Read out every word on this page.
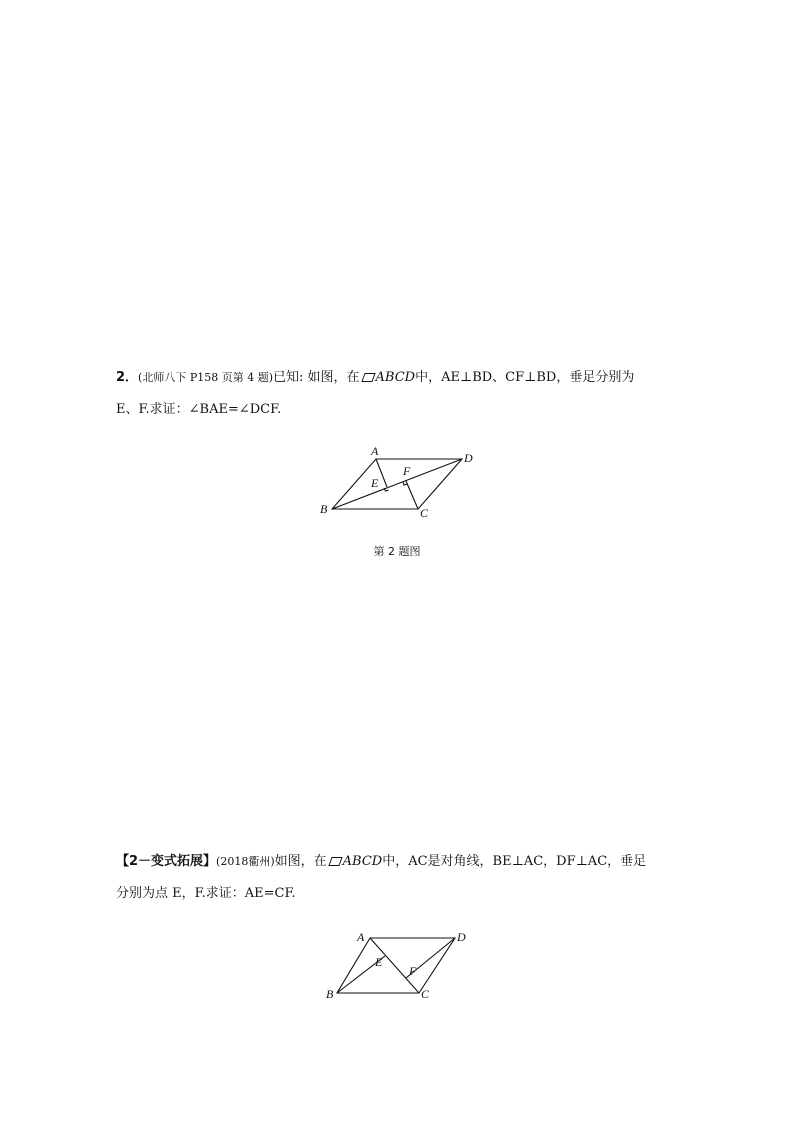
2．(北师八下 P158 页第 4 题)已知: 如图，在 ABCD中，AE⊥BD、CF⊥BD，垂足分别为
E、F.求证：∠BAE=∠DCF.
A	D
B	C
E
F
第 2 题图
【2－变式拓展】(2018衢州)如图，在 ABCD中，AC是对角线，BE⊥AC，DF⊥AC，垂足
分别为点 E，F.求证：AE=CF.
A	D
B	C
E
F
